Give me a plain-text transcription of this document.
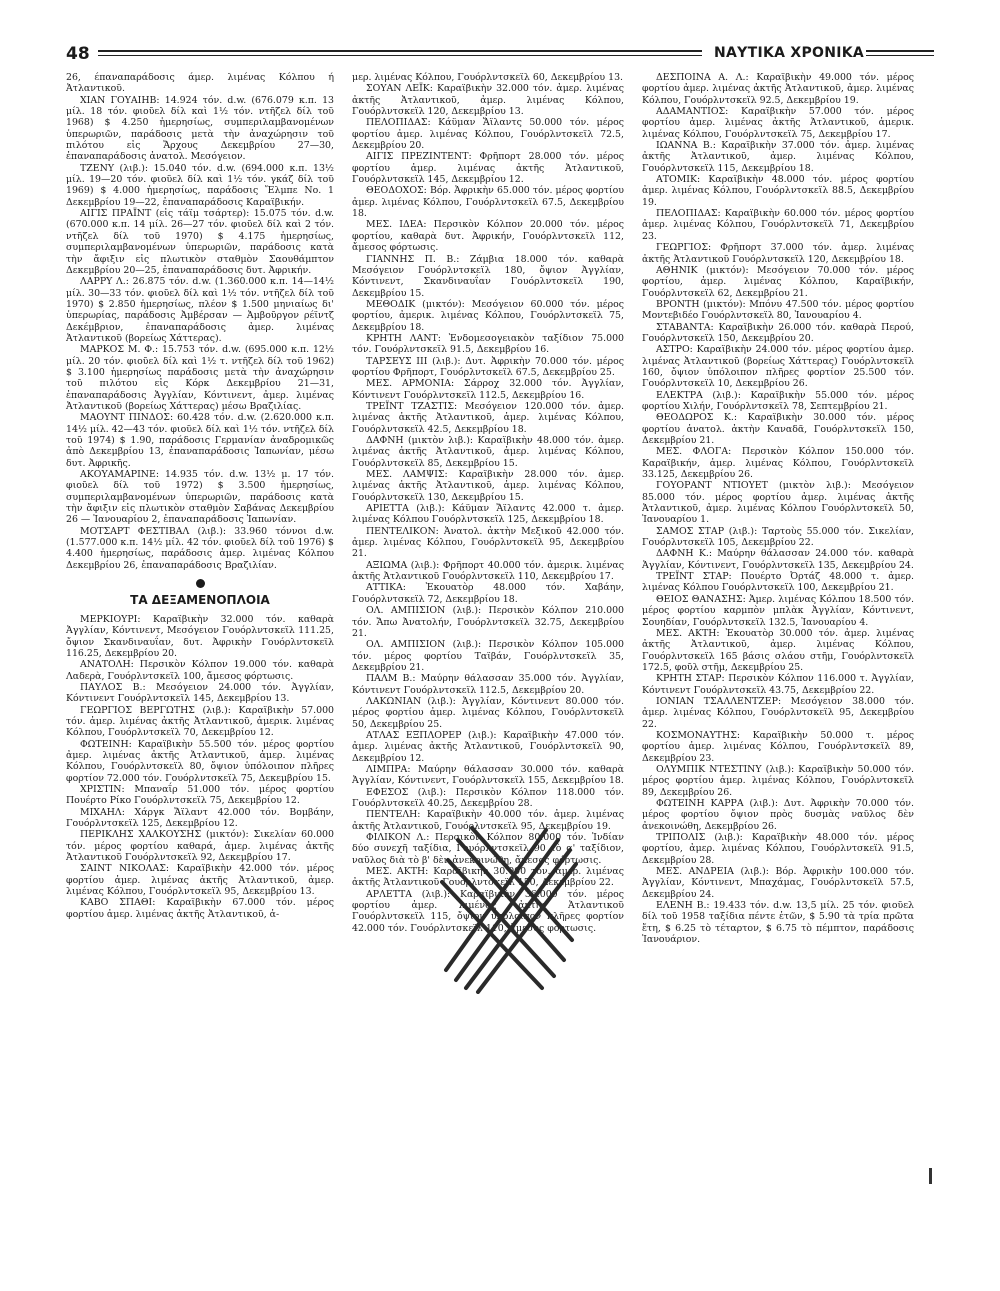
48	ΝΑΥΤΙΚΑ ΧΡΟΝΙΚΑ

26, έπαναπαράδοσις άμερ. λιμένας Κόλπου ή Ἀτλαντικοῦ.

ΧΙΑΝ ΓΟΥΑΙΗΒ: 14.924 τόν. d.w. (676.079 κ.π. 13 μίλ. 18 τόν. φιοῦελ δίλ καὶ 1½ τόν. ντῆζελ δίλ τοῦ 1968) $ 4.250 ἡμερησίως, συμπεριλαμβανομένων ὑπερωριῶν, παράδοσις μετὰ τὴν ἀναχώρησιν τοῦ πιλότου εἰς Ἄρχους Δεκεμβρίου 27—30, ἐπαναπαράδοσις ἀνατολ. Μεσόγειον.

ΤΖΕΝΥ (λιβ.): 15.040 τόν. d.w. (694.000 κ.π. 13½ μίλ. 19—20 τόν. φιοῦελ δίλ καὶ 1½ τόν. γκάζ δίλ τοῦ 1969) $ 4.000 ἡμερησίως, παράδοσις Ἔλμπε Νο. 1 Δεκεμβρίου 19—22, ἐπαναπαράδοσις Καραϊβικήν.

ΑΙΓΙΣ ΠΡΑΪΝΤ (εἰς τάϊμ τσάρτερ): 15.075 τόν. d.w. (670.000 κ.π. 14 μίλ. 26—27 τόν. φιοῦελ δίλ καὶ 2 τόν. ντῆζελ δίλ τοῦ 1970) $ 4.175 ἡμερησίως, συμπεριλαμβανομένων ὑπερωριῶν, παράδοσις κατὰ τὴν ἄφιξιν εἰς πλωτικὸν σταθμὸν Σαουθάμπτον Δεκεμβρίου 20—25, ἐπαναπαράδοσις δυτ. Ἀφρικήν.

ΛΑΡΡΥ Λ.: 26.875 τόν. d.w. (1.360.000 κ.π. 14—14½ μίλ. 30—33 τόν. φιοῦελ δίλ καὶ 1½ τόν. ντῆζελ δίλ τοῦ 1970) $ 2.850 ἡμερησίως, πλέον $ 1.500 μηνιαίως δι' ὑπερωρίας, παράδοσις Ἀμβέρσαν — Ἀμβοῦργον ρέϊντζ Δεκέμβριον, ἐπαναπαράδοσις ἀμερ. λιμένας Ἀτλαντικοῦ (βορείως Χάττερας).

ΜΑΡΚΟΣ Μ. Φ.: 15.753 τόν. d.w. (695.000 κ.π. 12½ μίλ. 20 τόν. φιοῦελ δίλ καὶ 1½ τ. ντῆζελ δίλ τοῦ 1962) $ 3.100 ἡμερησίως παράδοσις μετὰ τὴν ἀναχώρησιν τοῦ πιλότου εἰς Κόρκ Δεκεμβρίου 21—31, ἐπαναπαράδοσις Ἀγγλίαν, Κόντινεντ, ἀμερ. λιμένας Ἀτλαντικοῦ (βορείως Χάττερας) μέσω Βραζιλίας.

ΜΑΟΥΝΤ ΠΙΝΔΟΣ: 60.428 τόν. d.w. (2.620.000 κ.π. 14½ μίλ. 42—43 τόν. φιοῦελ δίλ καὶ 1½ τόν. ντῆζελ δίλ τοῦ 1974) $ 1.90, παράδοσις Γερμανίαν ἀναδρομικῶς ἀπὸ Δεκεμβρίου 13, ἐπαναπαράδοσις Ἰαπωνίαν, μέσω δυτ. Ἀφρικῆς.

ΑΚΟΥΑΜΑΡΙΝΕ: 14.935 τόν. d.w. 13½ μ. 17 τόν. φιοῦελ δίλ τοῦ 1972) $ 3.500 ἡμερησίως, συμπεριλαμβανομένων ὑπερωριῶν, παράδοσις κατὰ τὴν ἄφιξιν εἰς πλωτικὸν σταθμὸν Σαβάνας Δεκεμβρίου 26 — Ἰανουαρίου 2, ἐπαναπαράδοσις Ἰαπωνίαν.

ΜΟΤΣΑΡΤ ΦΕΣΤΙΒΑΛ (λιβ.): 33.960 τόννοι d.w. (1.577.000 κ.π. 14½ μίλ. 42 τόν. φιοῦελ δίλ τοῦ 1976) $ 4.400 ἡμερησίως, παράδοσις ἀμερ. λιμένας Κόλπου Δεκεμβρίου 26, ἐπαναπαράδοσις Βραζιλίαν.

ΤΑ ΔΕΞΑΜΕΝΟΠΛΟΙΑ

ΜΕΡΚΙΟΥΡΙ: Καραϊβικὴν 32.000 τόν. καθαρὰ Ἀγγλίαν, Κόντινεντ, Μεσόγειον Γουόρλντσκεϊλ 111.25, ὄψιον Σκανδιναυΐαν, δυτ. Ἀφρικὴν Γουόρλντσκεϊλ 116.25, Δεκεμβρίου 20.

ΑΝΑΤΟΛΗ: Περσικὸν Κόλπον 19.000 τόν. καθαρὰ Λαδερὰ, Γουόρλντσκεϊλ 100, ἄμεσος φόρτωσις.

ΠΑΥΛΟΣ Β.: Μεσόγειον 24.000 τόν. Ἀγγλίαν, Κόντινεντ Γουόρλντσκεϊλ 145, Δεκεμβρίου 13.

ΓΕΩΡΓΙΟΣ ΒΕΡΓΩΤΗΣ (λιβ.): Καραϊβικὴν 57.000 τόν. ἀμερ. λιμένας ἀκτῆς Ἀτλαντικοῦ, ἀμερικ. λιμένας Κόλπου, Γουόρλντσκεϊλ 70, Δεκεμβρίου 12.

ΦΩΤΕΙΝΗ: Καραϊβικὴν 55.500 τόν. μέρος φορτίου ἀμερ. λιμένας ἀκτῆς Ἀτλαντικοῦ, ἀμερ. λιμένας Κόλπου, Γουόρλντσκεϊλ 80, ὄψιον ὑπόλοιπον πλῆρες φορτίον 72.000 τόν. Γουόρλντσκεϊλ 75, Δεκεμβρίου 15.

ΧΡΙΣΤΙΝ: Μπαναΐρ 51.000 τόν. μέρος φορτίου Πουέρτο Ρίκο Γουόρλντσκεϊλ 75, Δεκεμβρίου 12.

ΜΙΧΑΗΛ: Χάργκ Ἄϊλαντ 42.000 τόν. Βομβάην, Γουόρλντσκεϊλ 125, Δεκεμβρίου 12.

ΠΕΡΙΚΛΗΣ ΧΑΛΚΟΥΣΗΣ (μικτόν): Σικελίαν 60.000 τόν. μέρος φορτίου καθαρά, ἀμερ. λιμένας ἀκτῆς Ἀτλαντικοῦ Γουόρλντσκεϊλ 92, Δεκεμβρίου 17.

ΣΑΙΝΤ ΝΙΚΟΛΑΣ: Καραϊβικὴν 42.000 τόν. μέρος φορτίου ἀμερ. λιμένας ἀκτῆς Ἀτλαντικοῦ, ἀμερ. λιμένας Κόλπου, Γουόρλντσκεϊλ 95, Δεκεμβρίου 13.

ΚΑΒΟ ΣΠΑΘΙ: Καραϊβικὴν 67.000 τόν. μέρος φορτίου ἀμερ. λιμένας ἀκτῆς Ἀτλαντικοῦ, ἀ-

μερ. λιμένας Κόλπου, Γουόρλντσκεϊλ 60, Δεκεμβρίου 13.

ΣΟΥΑΝ ΛΕΪΚ: Καραϊβικὴν 32.000 τόν. ἀμερ. λιμένας ἀκτῆς Ἀτλαντικοῦ, ἀμερ. λιμένας Κόλπου, Γουόρλντσκεϊλ 120, Δεκεμβρίου 13.

ΠΕΛΟΠΙΔΑΣ: Κάϋμαν Ἄϊλαντς 50.000 τόν. μέρος φορτίου ἀμερ. λιμένας Κόλπου, Γουόρλντσκεϊλ 72.5, Δεκεμβρίου 20.

ΑΙΓΙΣ ΠΡΕΖΙΝΤΕΝΤ: Φρῆπορτ 28.000 τόν. μέρος φορτίου ἀμερ. λιμένας ἀκτῆς Ἀτλαντικοῦ, Γουόρλντσκεϊλ 145, Δεκεμβρίου 12.

ΘΕΟΔΟΧΟΣ: Βόρ. Ἀφρικὴν 65.000 τόν. μέρος φορτίου ἀμερ. λιμένας Κόλπου, Γουόρλντσκεϊλ 67.5, Δεκεμβρίου 18.

ΜΕΣ. ΙΔΕΑ: Περσικὸν Κόλπον 20.000 τόν. μέρος φορτίου, καθαρὰ δυτ. Ἀφρικήν, Γουόρλντσκεϊλ 112, ἄμεσος φόρτωσις.

ΓΙΑΝΝΗΣ Π. Β.: Ζάμβια 18.000 τόν. καθαρὰ Μεσόγειον Γουόρλντσκεϊλ 180, ὄψιον Ἀγγλίαν, Κόντινεντ, Σκανδιναυΐαν Γουόρλντσκεϊλ 190, Δεκεμβρίου 15.

ΜΕΘΟΔΙΚ (μικτόν): Μεσόγειον 60.000 τόν. μέρος φορτίου, ἀμερικ. λιμένας Κόλπου, Γουόρλντσκεϊλ 75, Δεκεμβρίου 18.

ΚΡΗΤΗ ΛΑΝΤ: Ἐνδομεσογειακὸν ταξίδιον 75.000 τόν. Γουόρλντσκεϊλ 91.5, Δεκεμβρίου 16.

ΤΑΡΣΕΥΣ ΙΙΙ (λιβ.): Δυτ. Ἀφρικὴν 70.000 τόν. μέρος φορτίου Φρῆπορτ, Γουόρλντσκεϊλ 67.5, Δεκεμβρίου 25.

ΜΕΣ. ΑΡΜΟΝΙΑ: Σάρροχ 32.000 τόν. Ἀγγλίαν, Κόντινεντ Γουόρλντσκεϊλ 112.5, Δεκεμβρίου 16.

ΤΡΕΪΝΤ ΤΖΑΣΤΙΣ: Μεσόγειον 120.000 τόν. ἀμερ. λιμένας ἀκτῆς Ἀτλαντικοῦ, ἀμερ. λιμένας Κόλπου, Γουόρλντσκεϊλ 42.5, Δεκεμβρίου 18.

ΔΑΦΝΗ (μικτὸν λιβ.): Καραϊβικὴν 48.000 τόν. ἀμερ. λιμένας ἀκτῆς Ἀτλαντικοῦ, ἀμερ. λιμένας Κόλπου, Γουόρλντσκεϊλ 85, Δεκεμβρίου 15.

ΜΕΣ. ΛΑΜΨΙΣ: Καραϊβικὴν 28.000 τόν. ἀμερ. λιμένας ἀκτῆς Ἀτλαντικοῦ, ἀμερ. λιμένας Κόλπου, Γουόρλντσκεϊλ 130, Δεκεμβρίου 15.

ΑΡΙΕΤΤΑ (λιβ.): Κάϋμαν Ἄϊλαντς 42.000 τ. ἀμερ. λιμένας Κόλπου Γουόρλντσκεϊλ 125, Δεκεμβρίου 18.

ΠΕΝΤΕΛΙΚΟΝ: Ἀνατολ. ἀκτὴν Μεξικοῦ 42.000 τόν. ἀμερ. λιμένας Κόλπου, Γουόρλντσκεϊλ 95, Δεκεμβρίου 21.

ΑΞΙΩΜΑ (λιβ.): Φρῆπορτ 40.000 τόν. ἀμερικ. λιμένας ἀκτῆς Ἀτλαντικοῦ Γουόρλντσκεϊλ 110, Δεκεμβρίου 17.

ΑΤΤΙΚΑ: Ἐκουατὸρ 48.000 τόν. Χαβάην, Γουόρλντσκεϊλ 72, Δεκεμβρίου 18.

ΟΛ. ΑΜΠΙΣΙΟΝ (λιβ.): Περσικὸν Κόλπον 210.000 τόν. Ἄπω Ἀνατολήν, Γουόρλντσκεϊλ 32.75, Δεκεμβρίου 21.

ΟΛ. ΑΜΠΙΣΙΟΝ (λιβ.): Περσικὸν Κόλπον 105.000 τόν. μέρος φορτίου Ταϊβάν, Γουόρλντσκεϊλ 35, Δεκεμβρίου 21.

ΠΑΛΜ Β.: Μαύρην θάλασσαν 35.000 τόν. Ἀγγλίαν, Κόντινεντ Γουόρλντσκεϊλ 112.5, Δεκεμβρίου 20.

ΛΑΚΩΝΙΑΝ (λιβ.): Ἀγγλίαν, Κόντινεντ 80.000 τόν. μέρος φορτίου ἀμερ. λιμένας Κόλπου, Γουόρλντσκεϊλ 50, Δεκεμβρίου 25.

ΑΤΛΑΣ ΕΞΠΛΟΡΕΡ (λιβ.): Καραϊβικὴν 47.000 τόν. ἀμερ. λιμένας ἀκτῆς Ἀτλαντικοῦ, Γουόρλντσκεϊλ 90, Δεκεμβρίου 12.

ΛΙΜΠΡΑ: Μαύρην θάλασσαν 30.000 τόν. καθαρὰ Ἀγγλίαν, Κόντινεντ, Γουόρλντσκεϊλ 155, Δεκεμβρίου 18.

ΕΦΕΣΟΣ (λιβ.): Περσικὸν Κόλπον 118.000 τόν. Γουόρλντσκεϊλ 40.25, Δεκεμβρίου 28.

ΠΕΝΤΕΛΗ: Καραϊβικὴν 40.000 τόν. ἀμερ. λιμένας ἀκτῆς Ἀτλαντικοῦ, Γουόρλντσκεϊλ 95, Δεκεμβρίου 19.

ΦΙΛΙΚΟΝ Λ.: Περσικὸν Κόλπον 80.000 τόν. Ἰνδίαν δύο συνεχῆ ταξίδια, Γουόρλντσκεϊλ 90 τὸ α' ταξίδιον, ναῦλος διὰ τὸ β' δὲν ἀνεκοινώθη, ἄμεσος φόρτωσις.

ΜΕΣ. ΑΚΤΗ: Καραϊβικὴν 30.000 τόν. ἀμερ. λιμένας ἀκτῆς Ἀτλαντικοῦ Γουόρλντσκεϊλ 150, Δεκεμβρίου 22.

ΑΡΛΕΤΤΑ (λιβ.): Καραϊβικὴν 36.000 τόν. μέρος φορτίου ἀμερ. λιμένας ἀκτῆς Ἀτλαντικοῦ Γουόρλντσκεϊλ 115, ὄψιον ὑπόλοιπον πλῆρες φορτίον 42.000 τόν. Γουόρλντσκεϊλ 110, ἄμεσος φόρτωσις.

ΔΕΣΠΟΙΝΑ Α. Λ.: Καραϊβικὴν 49.000 τόν. μέρος φορτίου ἀμερ. λιμένας ἀκτῆς Ἀτλαντικοῦ, ἀμερ. λιμένας Κόλπου, Γουόρλντσκεϊλ 92.5, Δεκεμβρίου 19.

ΑΔΑΜΑΝΤΙΟΣ: Καραϊβικὴν 57.000 τόν. μέρος φορτίου ἀμερ. λιμένας ἀκτῆς Ἀτλαντικοῦ, ἀμερικ. λιμένας Κόλπου, Γουόρλντσκεϊλ 75, Δεκεμβρίου 17.

ΙΩΑΝΝΑ Β.: Καραϊβικὴν 37.000 τόν. ἀμερ. λιμένας ἀκτῆς Ἀτλαντικοῦ, ἀμερ. λιμένας Κόλπου, Γουόρλντσκεϊλ 115, Δεκεμβρίου 18.

ΑΤΟΜΙΚ: Καραϊβικὴν 48.000 τόν. μέρος φορτίου ἀμερ. λιμένας Κόλπου, Γουόρλντσκεϊλ 88.5, Δεκεμβρίου 19.

ΠΕΛΟΠΙΔΑΣ: Καραϊβικὴν 60.000 τόν. μέρος φορτίου ἀμερ. λιμένας Κόλπου, Γουόρλντσκεϊλ 71, Δεκεμβρίου 23.

ΓΕΩΡΓΙΟΣ: Φρῆπορτ 37.000 τόν. ἀμερ. λιμένας ἀκτῆς Ἀτλαντικοῦ Γουόρλντσκεϊλ 120, Δεκεμβρίου 18.

ΑΘΗΝΙΚ (μικτόν): Μεσόγειον 70.000 τόν. μέρος φορτίου, ἀμερ. λιμένας Κόλπου, Καραϊβικήν, Γουόρλντσκεϊλ 62, Δεκεμβρίου 21.

ΒΡΟΝΤΗ (μικτόν): Μπόνυ 47.500 τόν. μέρος φορτίου Μοντεβιδέο Γουόρλντσκεϊλ 80, Ἰανουαρίου 4.

ΣΤΑΒΑΝΤΑ: Καραϊβικὴν 26.000 τόν. καθαρὰ Περού, Γουόρλντσκεϊλ 150, Δεκεμβρίου 20.

ΑΣΤΡΟ: Καραϊβικὴν 24.000 τόν. μέρος φορτίου ἀμερ. λιμένας Ἀτλαντικοῦ (βορείως Χάττερας) Γουόρλντσκεϊλ 160, ὄψιον ὑπόλοιπον πλῆρες φορτίον 25.500 τόν. Γουόρλντσκεϊλ 10, Δεκεμβρίου 26.

ΕΛΕΚΤΡΑ (λιβ.): Καραϊβικὴν 55.000 τόν. μέρος φορτίου Χιλήν, Γουόρλντσκεϊλ 78, Σεπτεμβρίου 21.

ΘΕΟΔΩΡΟΣ Κ.: Καραϊβικὴν 30.000 τόν. μέρος φορτίου ἀνατολ. ἀκτὴν Καναδᾶ, Γουόρλντσκεϊλ 150, Δεκεμβρίου 21.

ΜΕΣ. ΦΛΟΓΑ: Περσικὸν Κόλπον 150.000 τόν. Καραϊβικήν, ἀμερ. λιμένας Κόλπου, Γουόρλντσκεϊλ 33.125, Δεκεμβρίου 26.

ΓΟΥΟΡΑΝΤ ΝΤΙΟΥΕΤ (μικτὸν λιβ.): Μεσόγειον 85.000 τόν. μέρος φορτίου ἀμερ. λιμένας ἀκτῆς Ἀτλαντικοῦ, ἀμερ. λιμένας Κόλπου Γουόρλντσκεϊλ 50, Ἰανουαρίου 1.

ΣΑΜΟΣ ΣΤΑΡ (λιβ.): Ταρτοὺς 55.000 τόν. Σικελίαν, Γουόρλντσκεϊλ 105, Δεκεμβρίου 22.

ΔΑΦΝΗ Κ.: Μαύρην θάλασσαν 24.000 τόν. καθαρὰ Ἀγγλίαν, Κόντινεντ, Γουόρλντσκεϊλ 135, Δεκεμβρίου 24.

ΤΡΕΪΝΤ ΣΤΑΡ: Πουέρτο Ὀρτάζ 48.000 τ. ἀμερ. λιμένας Κόλπου Γουόρλντσκεϊλ 100, Δεκεμβρίου 21.

ΘΕΙΟΣ ΘΑΝΑΣΗΣ: Ἀμερ. λιμένας Κόλπου 18.500 τόν. μέρος φορτίου καρμπὸν μπλὰκ Ἀγγλίαν, Κόντινεντ, Σουηδίαν, Γουόρλντσκεϊλ 132.5, Ἰανουαρίου 4.

ΜΕΣ. ΑΚΤΗ: Ἐκουατὸρ 30.000 τόν. ἀμερ. λιμένας ἀκτῆς Ἀτλαντικοῦ, ἀμερ. λιμένας Κόλπου, Γουόρλντσκεϊλ 165 βάσις σλάου στῆμ, Γουόρλντσκεϊλ 172.5, φοῦλ στῆμ, Δεκεμβρίου 25.

ΚΡΗΤΗ ΣΤΑΡ: Περσικὸν Κόλπον 116.000 τ. Ἀγγλίαν, Κόντινεντ Γουόρλντσκεϊλ 43.75, Δεκεμβρίου 22.

ΙΟΝΙΑΝ ΤΣΑΛΛΕΝΤΖΕΡ: Μεσόγειον 38.000 τόν. ἀμερ. λιμένας Κόλπου, Γουόρλντσκεϊλ 95, Δεκεμβρίου 22.

ΚΟΣΜΟΝΑΥΤΗΣ: Καραϊβικὴν 50.000 τ. μέρος φορτίου ἀμερ. λιμένας Κόλπου, Γουόρλντσκεϊλ 89, Δεκεμβρίου 23.

ΟΛΥΜΠΙΚ ΝΤΕΣΤΙΝΥ (λιβ.): Καραϊβικὴν 50.000 τόν. μέρος φορτίου ἀμερ. λιμένας Κόλπου, Γουόρλντσκεϊλ 89, Δεκεμβρίου 26.

ΦΩΤΕΙΝΗ ΚΑΡΡΑ (λιβ.): Δυτ. Ἀφρικὴν 70.000 τόν. μέρος φορτίου ὄψιον πρὸς δυσμὰς ναῦλος δὲν ἀνεκοινώθη, Δεκεμβρίου 26.

ΤΡΙΠΟΛΙΣ (λιβ.): Καραϊβικὴν 48.000 τόν. μέρος φορτίου, ἀμερ. λιμένας Κόλπου, Γουόρλντσκεϊλ 91.5, Δεκεμβρίου 28.

ΜΕΣ. ΑΝΔΡΕΙΑ (λιβ.): Βόρ. Ἀφρικὴν 100.000 τόν. Ἀγγλίαν, Κόντινεντ, Μπαχάμας, Γουόρλντσκεϊλ 57.5, Δεκεμβρίου 24.

ΕΛΕΝΗ Β.: 19.433 τόν. d.w. 13,5 μίλ. 25 τόν. φιοῦελ δίλ τοῦ 1958 ταξίδια πέντε ἐτῶν, $ 5.90 τὰ τρία πρῶτα ἔτη, $ 6.25 τὸ τέταρτον, $ 6.75 τὸ πέμπτον, παράδοσις Ἰανουάριον.
